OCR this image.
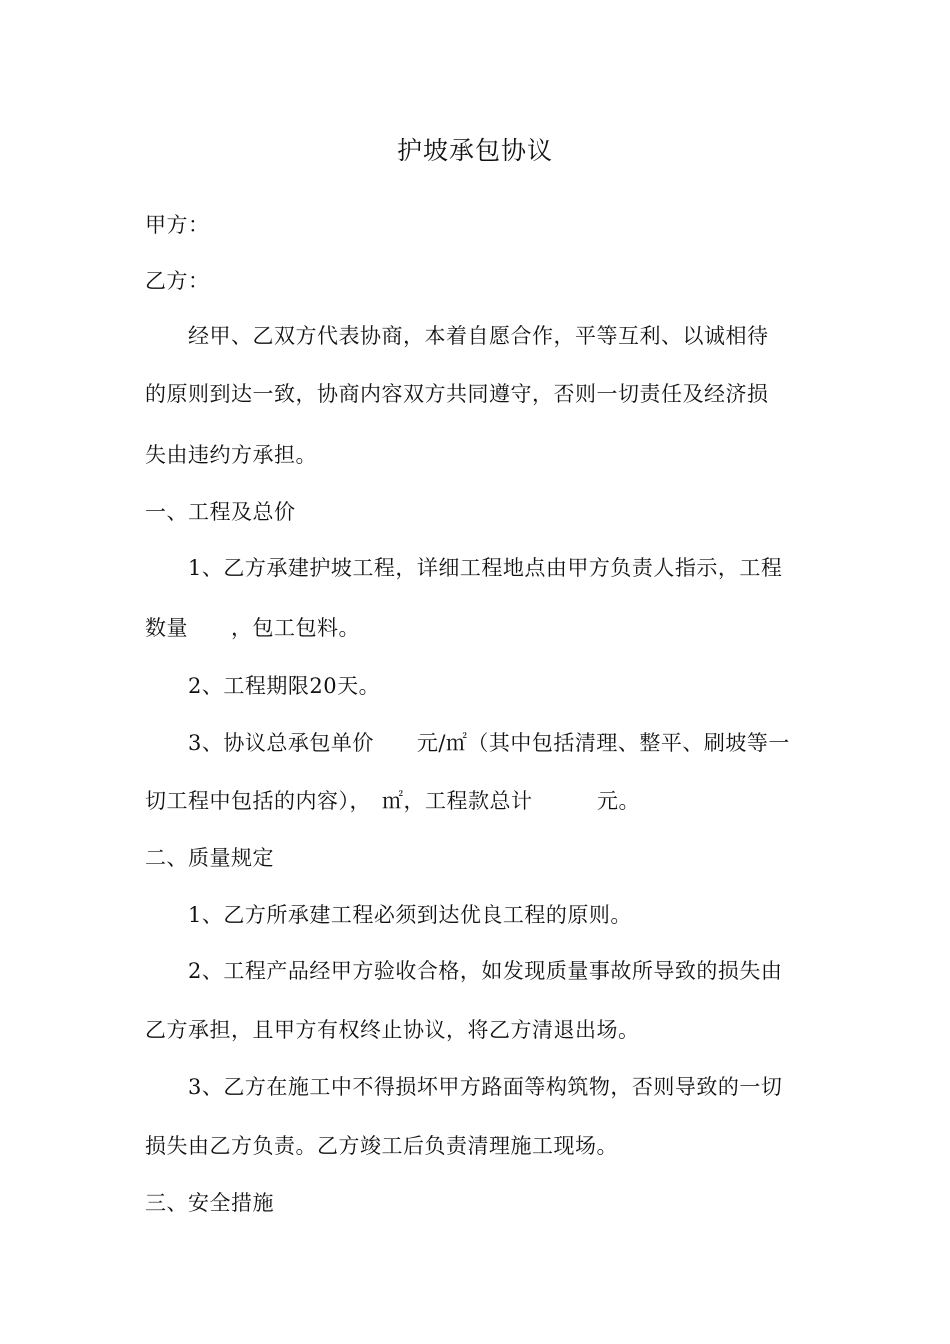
护坡承包协议
甲方：
乙方：
经甲、乙双方代表协商，本着自愿合作，平等互利、以诚相待
的原则到达一致，协商内容双方共同遵守，否则一切责任及经济损
失由违约方承担。
一、工程及总价
1、乙方承建护坡工程，详细工程地点由甲方负责人指示，工程
数量　　，包工包料。
2、工程期限20天。
3、协议总承包单价　　元/㎡（其中包括清理、整平、刷坡等一
切工程中包括的内容），　㎡，工程款总计　　　元。
二、质量规定
1、乙方所承建工程必须到达优良工程的原则。
2、工程产品经甲方验收合格，如发现质量事故所导致的损失由
乙方承担，且甲方有权终止协议，将乙方清退出场。
3、乙方在施工中不得损坏甲方路面等构筑物，否则导致的一切
损失由乙方负责。乙方竣工后负责清理施工现场。
三、安全措施
